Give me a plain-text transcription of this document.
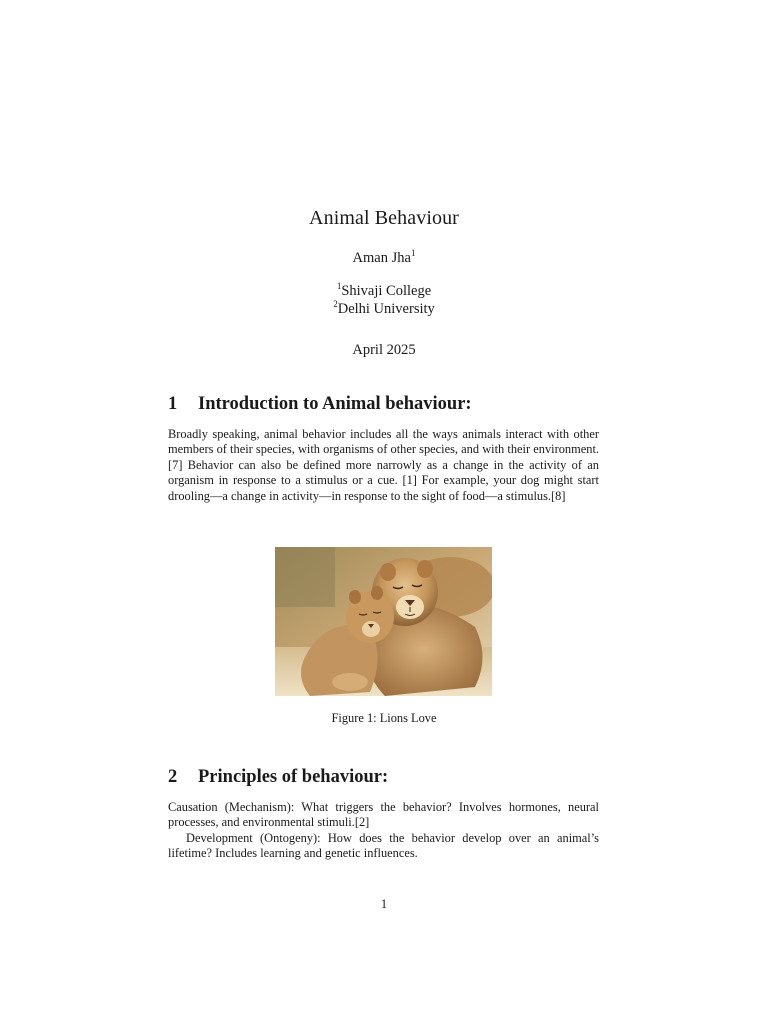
Animal Behaviour
Aman Jha$^1$
$^1$Shivaji College
$^2$Delhi University
April 2025
1 Introduction to Animal behaviour:
Broadly speaking, animal behavior includes all the ways animals interact with other members of their species, with organisms of other species, and with their environment.[7] Behavior can also be defined more narrowly as a change in the activity of an organism in response to a stimulus or a cue. [1] For example, your dog might start drooling—a change in activity—in response to the sight of food—a stimulus.[8]
Figure 1: Lions Love
2 Principles of behaviour:
Causation (Mechanism): What triggers the behavior? Involves hormones, neural processes, and environmental stimuli.[2]
Development (Ontogeny): How does the behavior develop over an animal’s lifetime? Includes learning and genetic influences.
1
